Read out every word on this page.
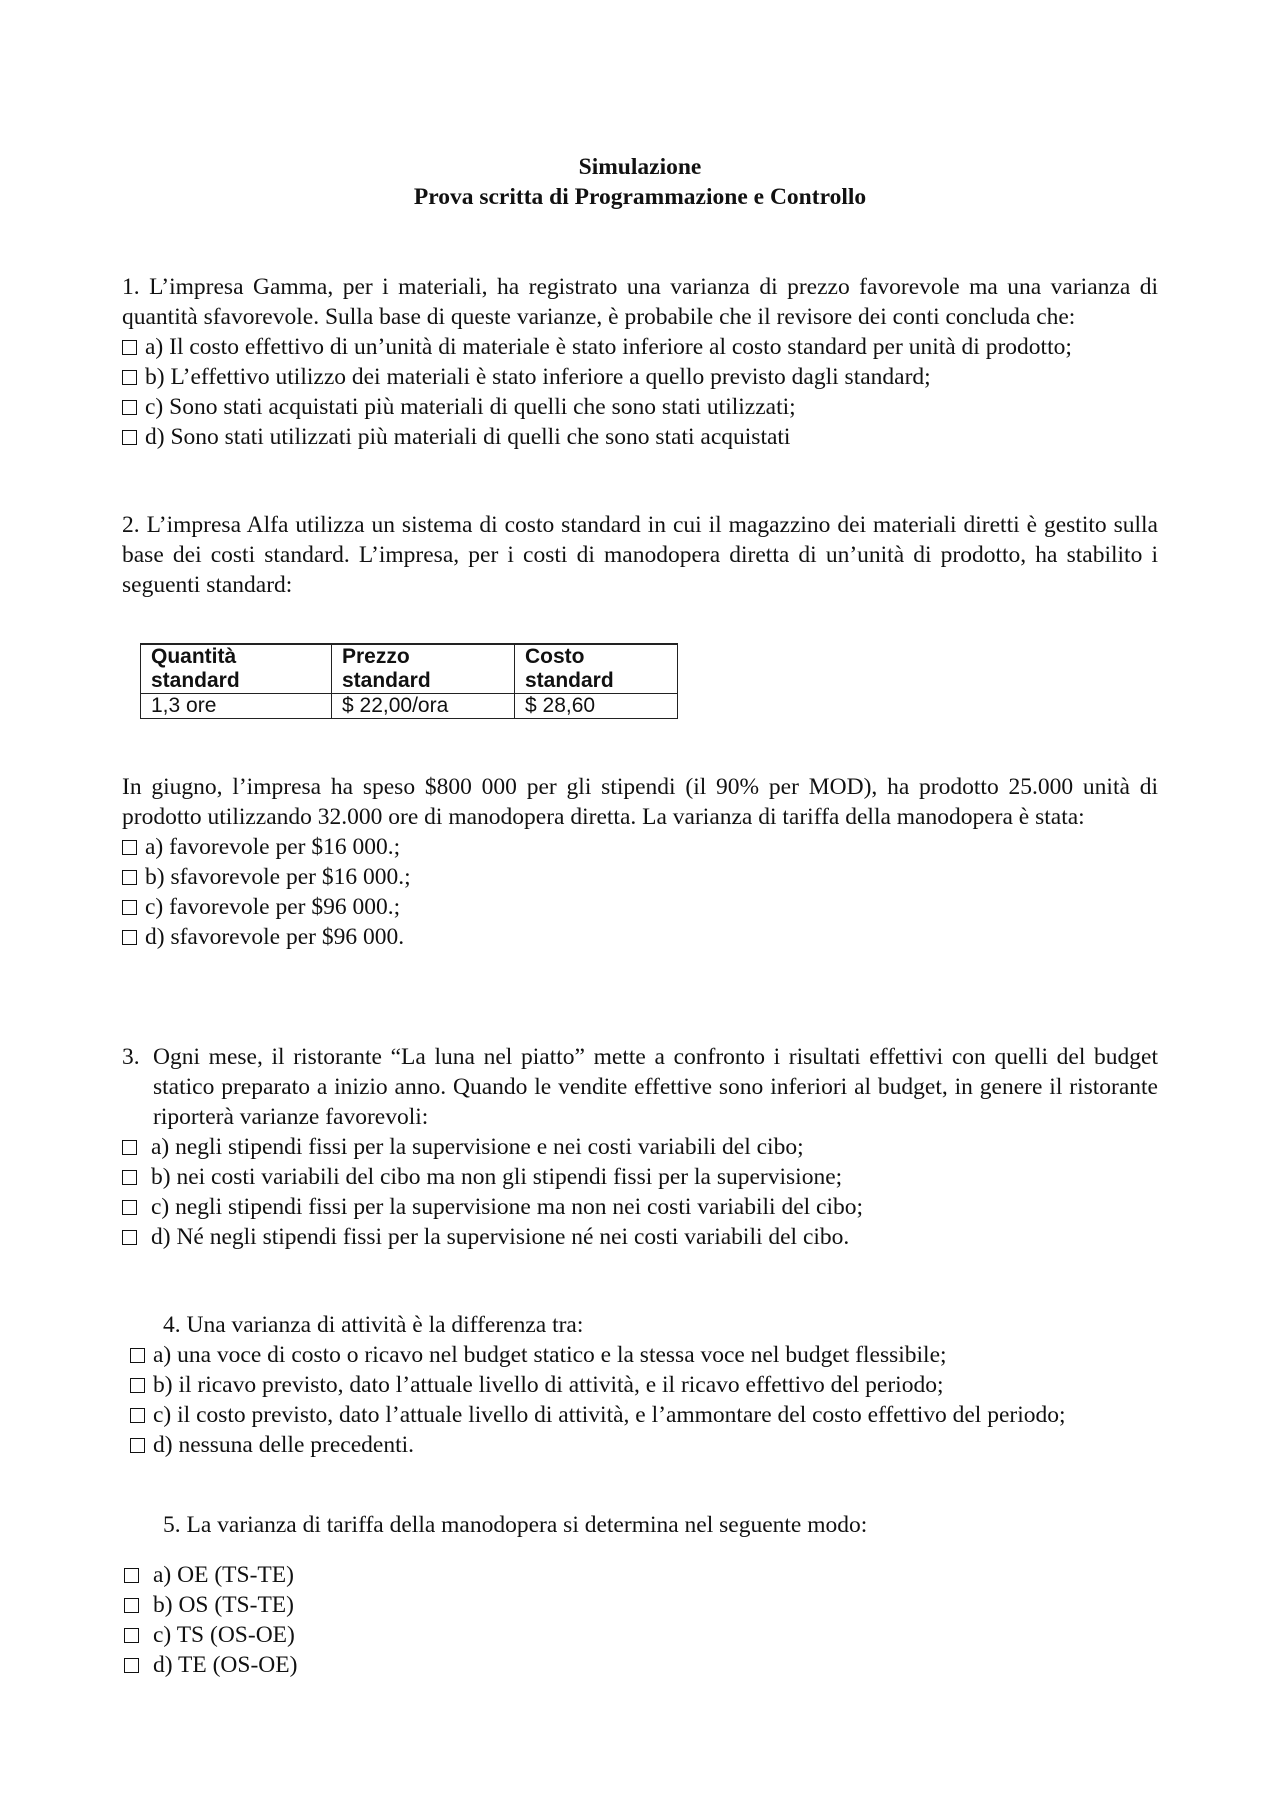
Simulazione
Prova scritta di Programmazione e Controllo
1. L’impresa Gamma, per i materiali, ha registrato una varianza di prezzo favorevole ma una varianza di quantità sfavorevole. Sulla base di queste varianze, è probabile che il revisore dei conti concluda che:
a) Il costo effettivo di un’unità di materiale è stato inferiore al costo standard per unità di prodotto;
b) L’effettivo utilizzo dei materiali è stato inferiore a quello previsto dagli standard;
c) Sono stati acquistati più materiali di quelli che sono stati utilizzati;
d) Sono stati utilizzati più materiali di quelli che sono stati acquistati
2. L’impresa Alfa utilizza un sistema di costo standard in cui il magazzino dei materiali diretti è gestito sulla base dei costi standard. L’impresa, per i costi di manodopera diretta di un’unità di prodotto, ha stabilito i seguenti standard:
Quantità	Prezzo	Costo
standard	standard	standard
1,3 ore	$ 22,00/ora	$ 28,60
In giugno, l’impresa ha speso $800 000 per gli stipendi (il 90% per MOD), ha prodotto 25.000 unità di prodotto utilizzando 32.000 ore di manodopera diretta. La varianza di tariffa della manodopera è stata:
a) favorevole per $16 000.;
b) sfavorevole per $16 000.;
c) favorevole per $96 000.;
d) sfavorevole per $96 000.
3. Ogni mese, il ristorante “La luna nel piatto” mette a confronto i risultati effettivi con quelli del budget statico preparato a inizio anno. Quando le vendite effettive sono inferiori al budget, in genere il ristorante riporterà varianze favorevoli:
a) negli stipendi fissi per la supervisione e nei costi variabili del cibo;
b) nei costi variabili del cibo ma non gli stipendi fissi per la supervisione;
c) negli stipendi fissi per la supervisione ma non nei costi variabili del cibo;
d) Né negli stipendi fissi per la supervisione né nei costi variabili del cibo.
4. Una varianza di attività è la differenza tra:
a) una voce di costo o ricavo nel budget statico e la stessa voce nel budget flessibile;
b) il ricavo previsto, dato l’attuale livello di attività, e il ricavo effettivo del periodo;
c) il costo previsto, dato l’attuale livello di attività, e l’ammontare del costo effettivo del periodo;
d) nessuna delle precedenti.
5. La varianza di tariffa della manodopera si determina nel seguente modo:
a) OE (TS-TE)
b) OS (TS-TE)
c) TS (OS-OE)
d) TE (OS-OE)
